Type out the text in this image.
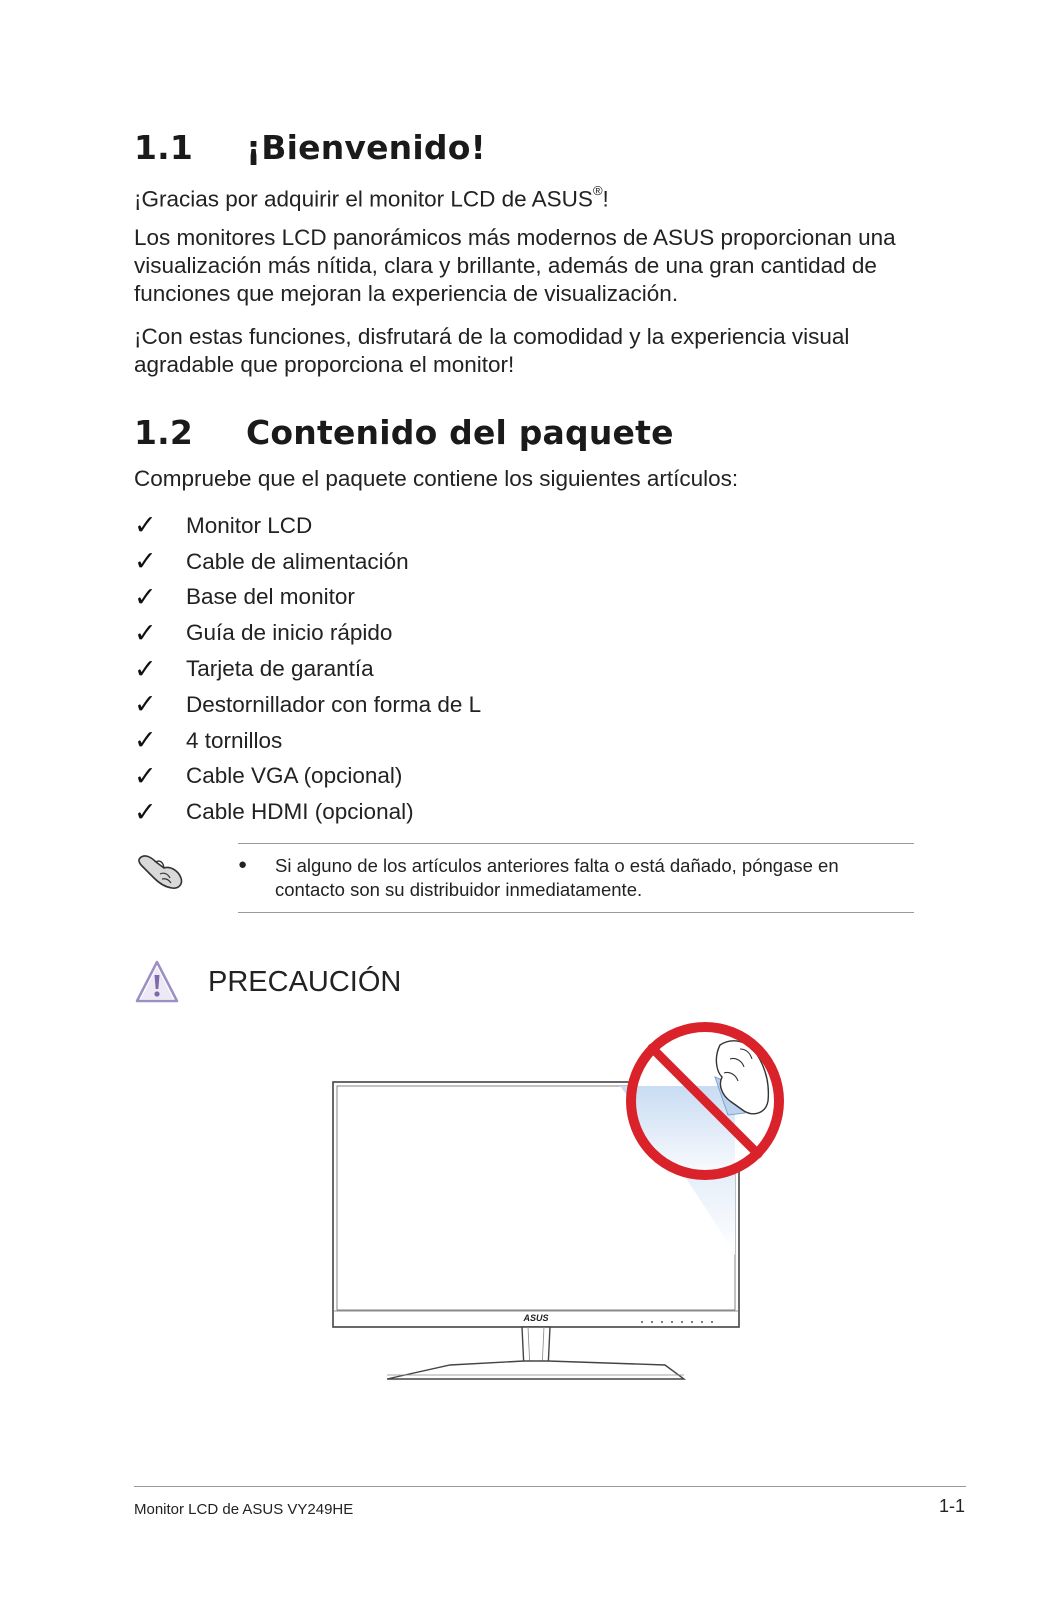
1.1 ¡Bienvenido!

¡Gracias por adquirir el monitor LCD de ASUS®!

Los monitores LCD panorámicos más modernos de ASUS proporcionan una visualización más nítida, clara y brillante, además de una gran cantidad de funciones que mejoran la experiencia de visualización.

¡Con estas funciones, disfrutará de la comodidad y la experiencia visual agradable que proporciona el monitor!

1.2 Contenido del paquete

Compruebe que el paquete contiene los siguientes artículos:

✓	Monitor LCD
✓	Cable de alimentación
✓	Base del monitor
✓	Guía de inicio rápido
✓	Tarjeta de garantía
✓	Destornillador con forma de L
✓	4 tornillos
✓	Cable VGA (opcional)
✓	Cable HDMI (opcional)
● Si alguno de los artículos anteriores falta o está dañado, póngase en contacto son su distribuidor inmediatamente.
PRECAUCIÓN
ASUS
Monitor LCD de ASUS VY249HE	1-1
